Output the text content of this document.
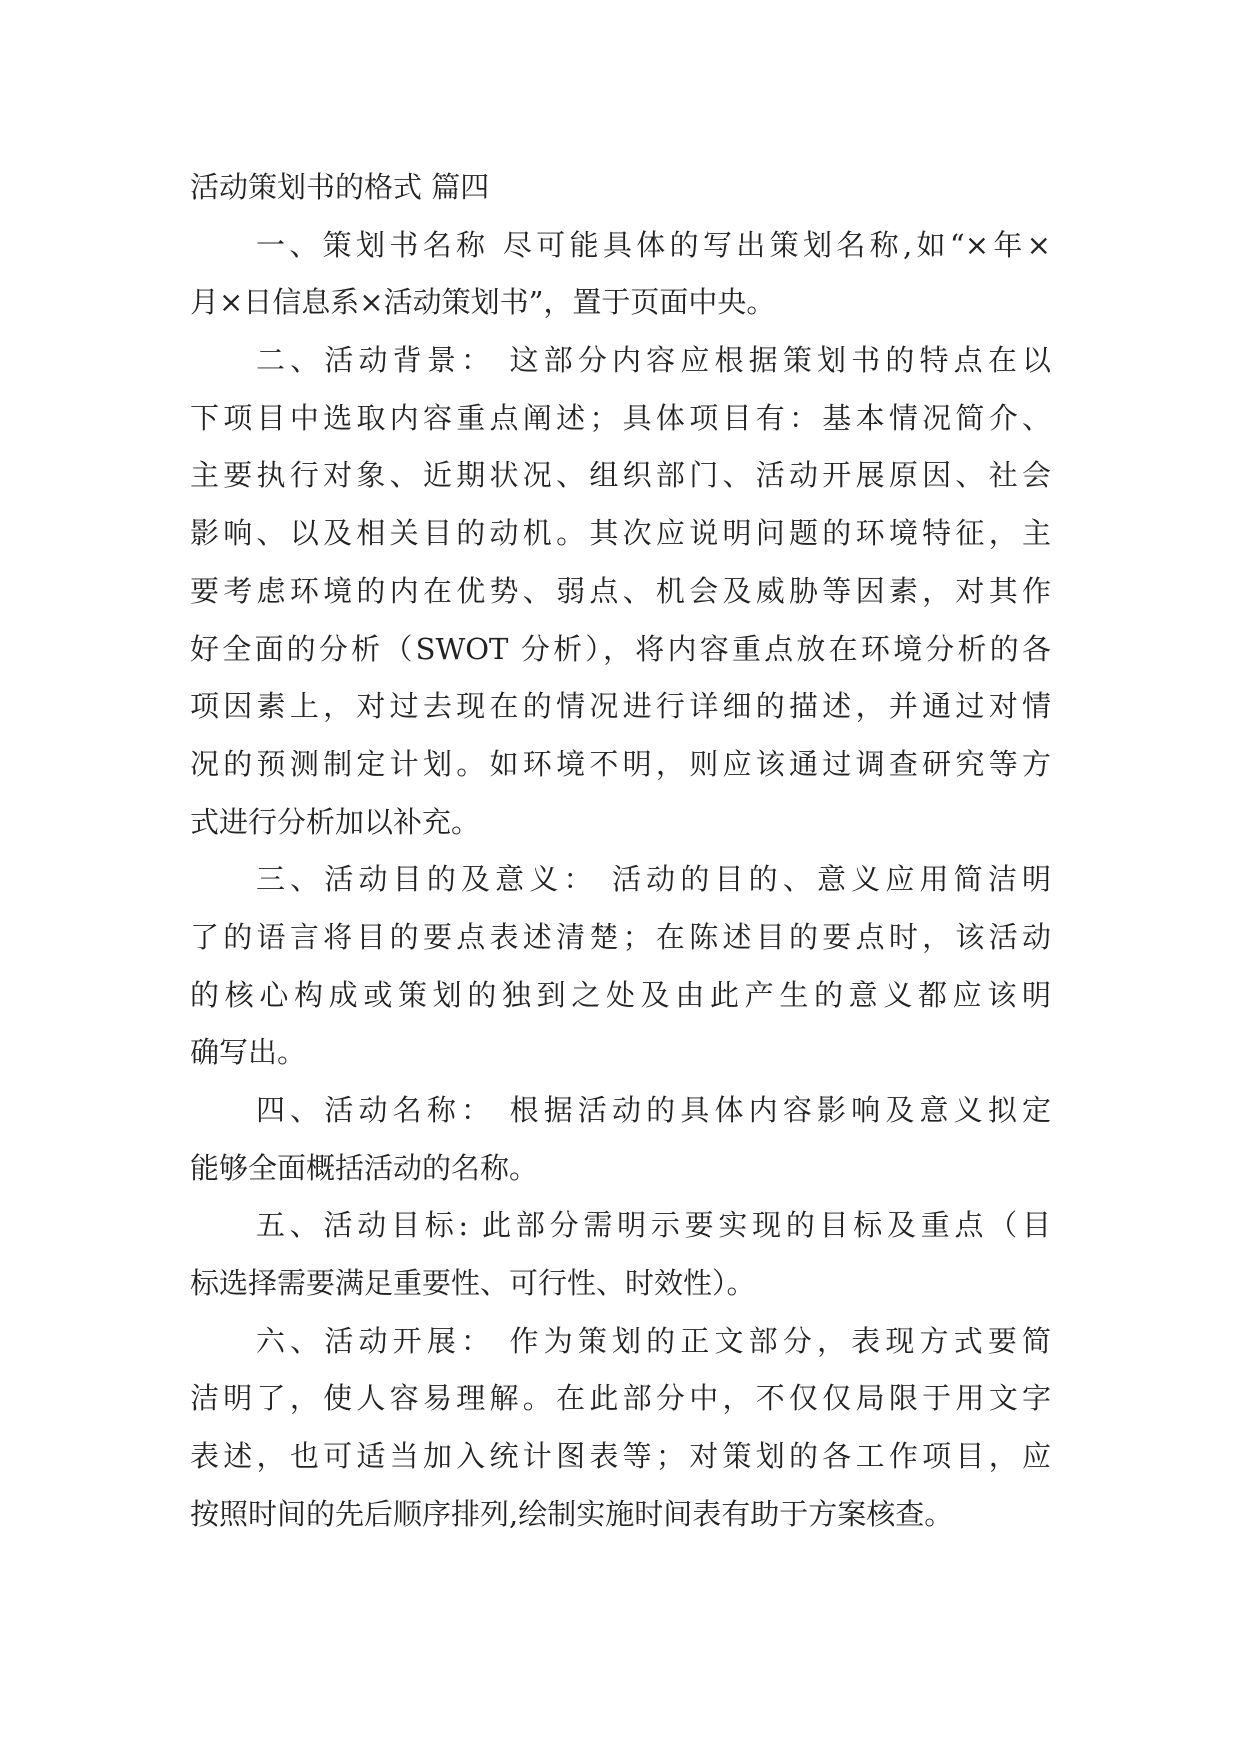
活动策划书的格式 篇四
一、策划书名称 尽可能具体的写出策划名称,如“×年×
月×日信息系×活动策划书”，置于页面中央。
二、活动背景： 这部分内容应根据策划书的特点在以
下项目中选取内容重点阐述；具体项目有：基本情况简介、
主要执行对象、近期状况、组织部门、活动开展原因、社会
影响、以及相关目的动机。其次应说明问题的环境特征，主
要考虑环境的内在优势、弱点、机会及威胁等因素，对其作
好全面的分析（SWOT 分析），将内容重点放在环境分析的各
项因素上，对过去现在的情况进行详细的描述，并通过对情
况的预测制定计划。如环境不明，则应该通过调查研究等方
式进行分析加以补充。
三、活动目的及意义： 活动的目的、意义应用简洁明
了的语言将目的要点表述清楚；在陈述目的要点时，该活动
的核心构成或策划的独到之处及由此产生的意义都应该明
确写出。
四、活动名称： 根据活动的具体内容影响及意义拟定
能够全面概括活动的名称。
五、活动目标: 此部分需明示要实现的目标及重点（目
标选择需要满足重要性、可行性、时效性）。
六、活动开展： 作为策划的正文部分，表现方式要简
洁明了，使人容易理解。在此部分中，不仅仅局限于用文字
表述，也可适当加入统计图表等；对策划的各工作项目，应
按照时间的先后顺序排列,绘制实施时间表有助于方案核查。
